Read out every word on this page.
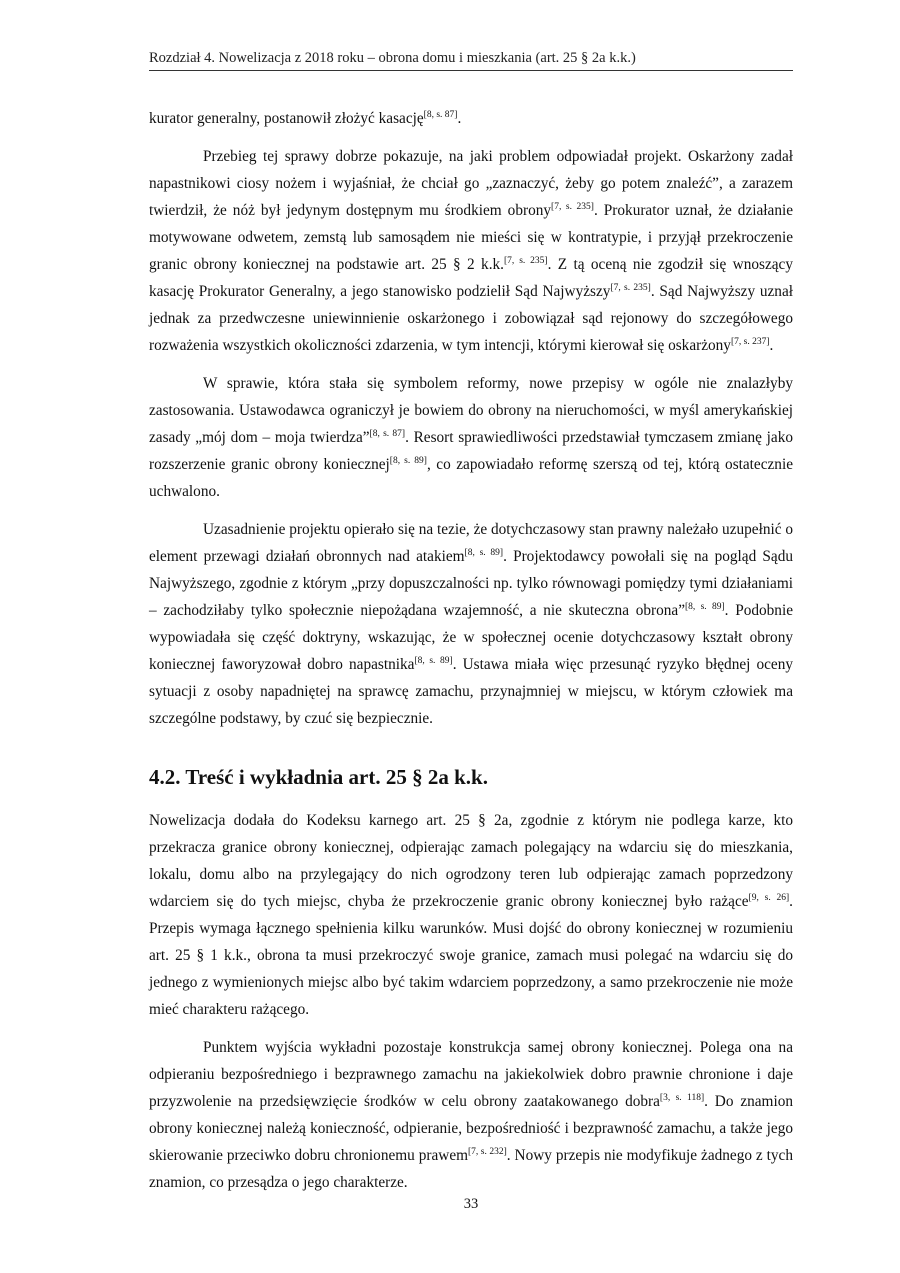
Rozdział 4. Nowelizacja z 2018 roku – obrona domu i mieszkania (art. 25 § 2a k.k.)

kurator generalny, postanowił złożyć kasację[8, s. 87].

Przebieg tej sprawy dobrze pokazuje, na jaki problem odpowiadał projekt. Oskarżony zadał napastnikowi ciosy nożem i wyjaśniał, że chciał go „zaznaczyć, żeby go potem znaleźć”, a zarazem twierdził, że nóż był jedynym dostępnym mu środkiem obrony[7, s. 235]. Prokurator uznał, że działanie motywowane odwetem, zemstą lub samosądem nie mieści się w kontratypie, i przyjął przekroczenie granic obrony koniecznej na podstawie art. 25 § 2 k.k.[7, s. 235]. Z tą oceną nie zgodził się wnoszący kasację Prokurator Generalny, a jego stanowisko podzielił Sąd Najwyższy[7, s. 235]. Sąd Najwyższy uznał jednak za przedwczesne uniewinnienie oskarżonego i zobowiązał sąd rejonowy do szczegółowego rozważenia wszystkich okoliczności zdarzenia, w tym intencji, którymi kierował się oskarżony[7, s. 237].

W sprawie, która stała się symbolem reformy, nowe przepisy w ogóle nie znalazłyby zastosowania. Ustawodawca ograniczył je bowiem do obrony na nieruchomości, w myśl amerykańskiej zasady „mój dom – moja twierdza”[8, s. 87]. Resort sprawiedliwości przedstawiał tymczasem zmianę jako rozszerzenie granic obrony koniecznej[8, s. 89], co zapowiadało reformę szerszą od tej, którą ostatecznie uchwalono.

Uzasadnienie projektu opierało się na tezie, że dotychczasowy stan prawny należało uzupełnić o element przewagi działań obronnych nad atakiem[8, s. 89]. Projektodawcy powołali się na pogląd Sądu Najwyższego, zgodnie z którym „przy dopuszczalności np. tylko równowagi pomiędzy tymi działaniami – zachodziłaby tylko społecznie niepożądana wzajemność, a nie skuteczna obrona”[8, s. 89]. Podobnie wypowiadała się część doktryny, wskazując, że w społecznej ocenie dotychczasowy kształt obrony koniecznej faworyzował dobro napastnika[8, s. 89]. Ustawa miała więc przesunąć ryzyko błędnej oceny sytuacji z osoby napadniętej na sprawcę zamachu, przynajmniej w miejscu, w którym człowiek ma szczególne podstawy, by czuć się bezpiecznie.

4.2. Treść i wykładnia art. 25 § 2a k.k.

Nowelizacja dodała do Kodeksu karnego art. 25 § 2a, zgodnie z którym nie podlega karze, kto przekracza granice obrony koniecznej, odpierając zamach polegający na wdarciu się do mieszkania, lokalu, domu albo na przylegający do nich ogrodzony teren lub odpierając zamach poprzedzony wdarciem się do tych miejsc, chyba że przekroczenie granic obrony koniecznej było rażące[9, s. 26]. Przepis wymaga łącznego spełnienia kilku warunków. Musi dojść do obrony koniecznej w rozumieniu art. 25 § 1 k.k., obrona ta musi przekroczyć swoje granice, zamach musi polegać na wdarciu się do jednego z wymienionych miejsc albo być takim wdarciem poprzedzony, a samo przekroczenie nie może mieć charakteru rażącego.

Punktem wyjścia wykładni pozostaje konstrukcja samej obrony koniecznej. Polega ona na odpieraniu bezpośredniego i bezprawnego zamachu na jakiekolwiek dobro prawnie chronione i daje przyzwolenie na przedsięwzięcie środków w celu obrony zaatakowanego dobra[3, s. 118]. Do znamion obrony koniecznej należą konieczność, odpieranie, bezpośredniość i bezprawność zamachu, a także jego skierowanie przeciwko dobru chronionemu prawem[7, s. 232]. Nowy przepis nie modyfikuje żadnego z tych znamion, co przesądza o jego charakterze.

33
